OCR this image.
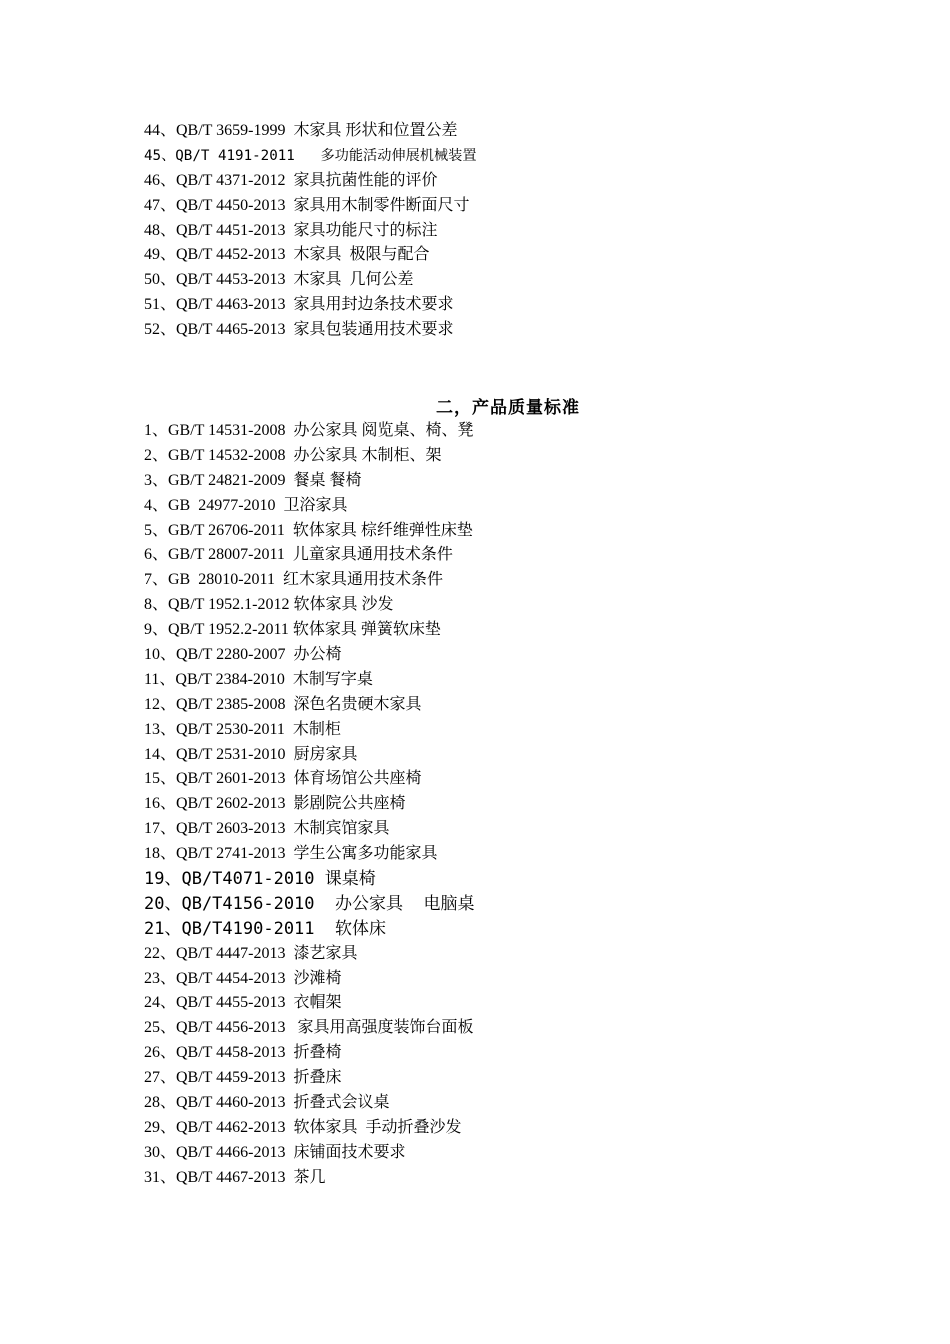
44、QB/T 3659-1999  木家具 形状和位置公差
45、QB/T 4191-2011   多功能活动伸展机械装置
46、QB/T 4371-2012  家具抗菌性能的评价
47、QB/T 4450-2013  家具用木制零件断面尺寸
48、QB/T 4451-2013  家具功能尺寸的标注
49、QB/T 4452-2013  木家具  极限与配合
50、QB/T 4453-2013  木家具  几何公差
51、QB/T 4463-2013  家具用封边条技术要求
52、QB/T 4465-2013  家具包装通用技术要求
二，产品质量标准
1、GB/T 14531-2008  办公家具 阅览桌、椅、凳
2、GB/T 14532-2008  办公家具 木制柜、架
3、GB/T 24821-2009  餐桌 餐椅
4、GB  24977-2010  卫浴家具
5、GB/T 26706-2011  软体家具 棕纤维弹性床垫
6、GB/T 28007-2011  儿童家具通用技术条件
7、GB  28010-2011  红木家具通用技术条件
8、QB/T 1952.1-2012 软体家具 沙发
9、QB/T 1952.2-2011 软体家具 弹簧软床垫
10、QB/T 2280-2007  办公椅
11、QB/T 2384-2010  木制写字桌
12、QB/T 2385-2008  深色名贵硬木家具
13、QB/T 2530-2011  木制柜
14、QB/T 2531-2010  厨房家具
15、QB/T 2601-2013  体育场馆公共座椅
16、QB/T 2602-2013  影剧院公共座椅
17、QB/T 2603-2013  木制宾馆家具
18、QB/T 2741-2013  学生公寓多功能家具
19、QB/T4071-2010 课桌椅
20、QB/T4156-2010  办公家具  电脑桌
21、QB/T4190-2011  软体床
22、QB/T 4447-2013  漆艺家具
23、QB/T 4454-2013  沙滩椅
24、QB/T 4455-2013  衣帽架
25、QB/T 4456-2013   家具用高强度装饰台面板
26、QB/T 4458-2013  折叠椅
27、QB/T 4459-2013  折叠床
28、QB/T 4460-2013  折叠式会议桌
29、QB/T 4462-2013  软体家具  手动折叠沙发
30、QB/T 4466-2013  床铺面技术要求
31、QB/T 4467-2013  茶几
